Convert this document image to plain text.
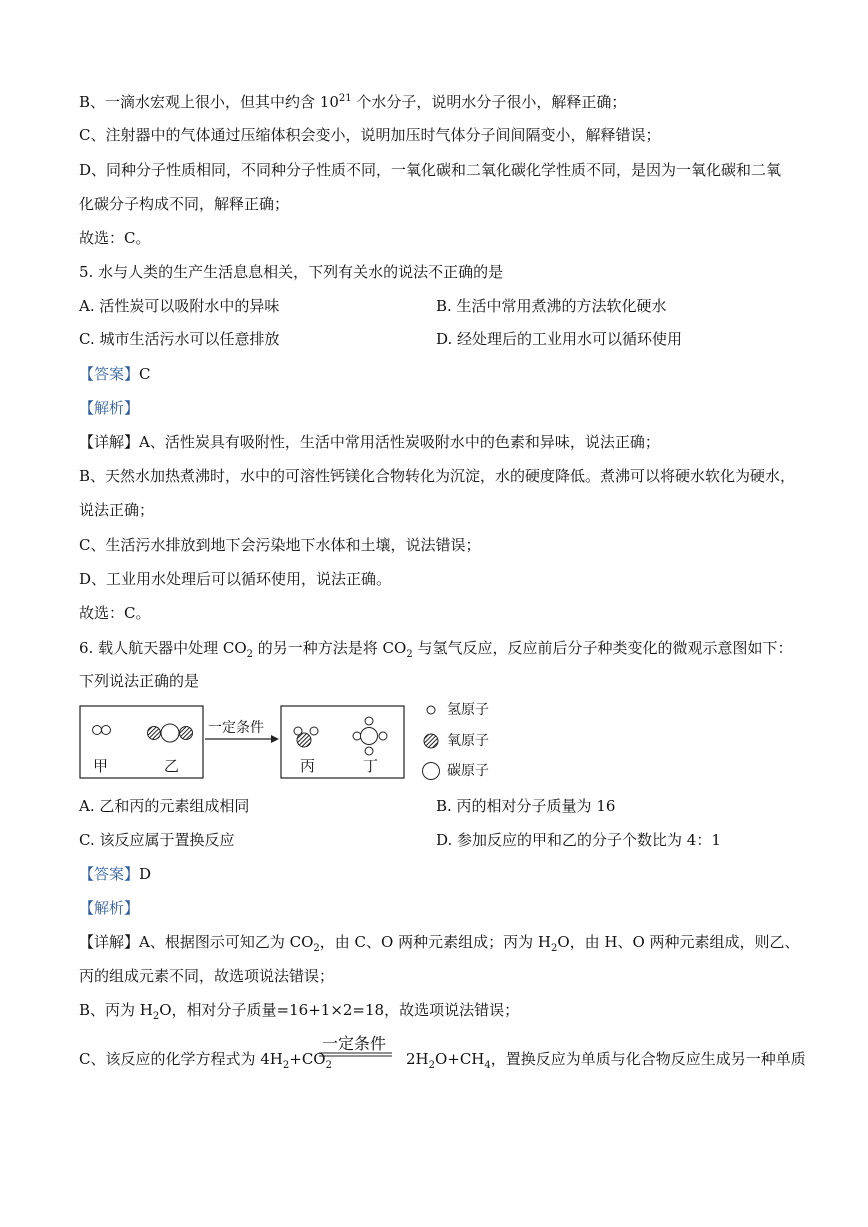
B、一滴水宏观上很小，但其中约含 $10^{21}$ 个水分子，说明水分子很小，解释正确；
C、注射器中的气体通过压缩体积会变小，说明加压时气体分子间间隔变小，解释错误；
D、同种分子性质相同，不同种分子性质不同，一氧化碳和二氧化碳化学性质不同，是因为一氧化碳和二氧
化碳分子构成不同，解释正确；
故选：C。
5. 水与人类的生产生活息息相关，下列有关水的说法不正确的是
A. 活性炭可以吸附水中的异味	B. 生活中常用煮沸的方法软化硬水
C. 城市生活污水可以任意排放	D. 经处理后的工业用水可以循环使用
【答案】C
【解析】
【详解】A、活性炭具有吸附性，生活中常用活性炭吸附水中的色素和异味，说法正确；
B、天然水加热煮沸时，水中的可溶性钙镁化合物转化为沉淀，水的硬度降低。煮沸可以将硬水软化为硬水，
说法正确；
C、生活污水排放到地下会污染地下水体和土壤，说法错误；
D、工业用水处理后可以循环使用，说法正确。
故选：C。
6. 载人航天器中处理 $CO_2$ 的另一种方法是将 $CO_2$ 与氢气反应，反应前后分子种类变化的微观示意图如下：
下列说法正确的是
一定条件
甲	乙	丙	丁
氢原子
氧原子
碳原子
A. 乙和丙的元素组成相同	B. 丙的相对分子质量为 16
C. 该反应属于置换反应	D. 参加反应的甲和乙的分子个数比为 4：1
【答案】D
【解析】
【详解】A、根据图示可知乙为 $CO_2$，由 C、O 两种元素组成；丙为 $H_2O$，由 H、O 两种元素组成，则乙、
丙的组成元素不同，故选项说法错误；
B、丙为 $H_2O$，相对分子质量=16+1×2=18，故选项说法错误；
一定条件
C、该反应的化学方程式为 $4H_2+CO_2$	$2H_2O+CH_4$，置换反应为单质与化合物反应生成另一种单质
